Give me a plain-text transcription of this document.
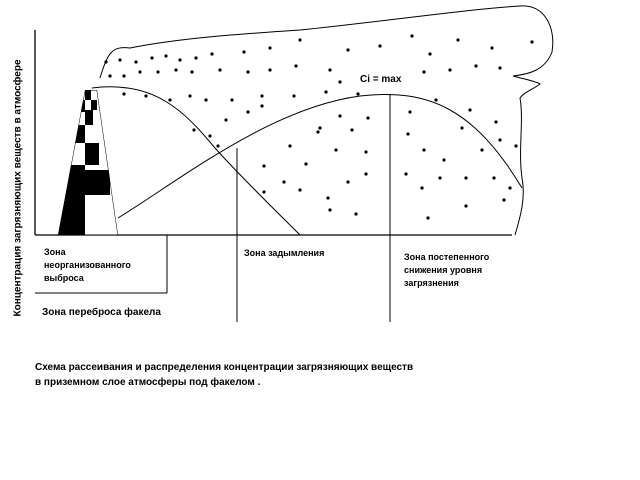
Концентрация загрязняющих веществ в атмосфере	Ci = max
Зона
неорганизованного
выброса
Зона задымления	Зона постепенного
снижения уровня
загрязнения
Зона переброса факела
Схема рассеивания и распределения концентрации загрязняющих веществ
в приземном слое атмосферы под факелом .
